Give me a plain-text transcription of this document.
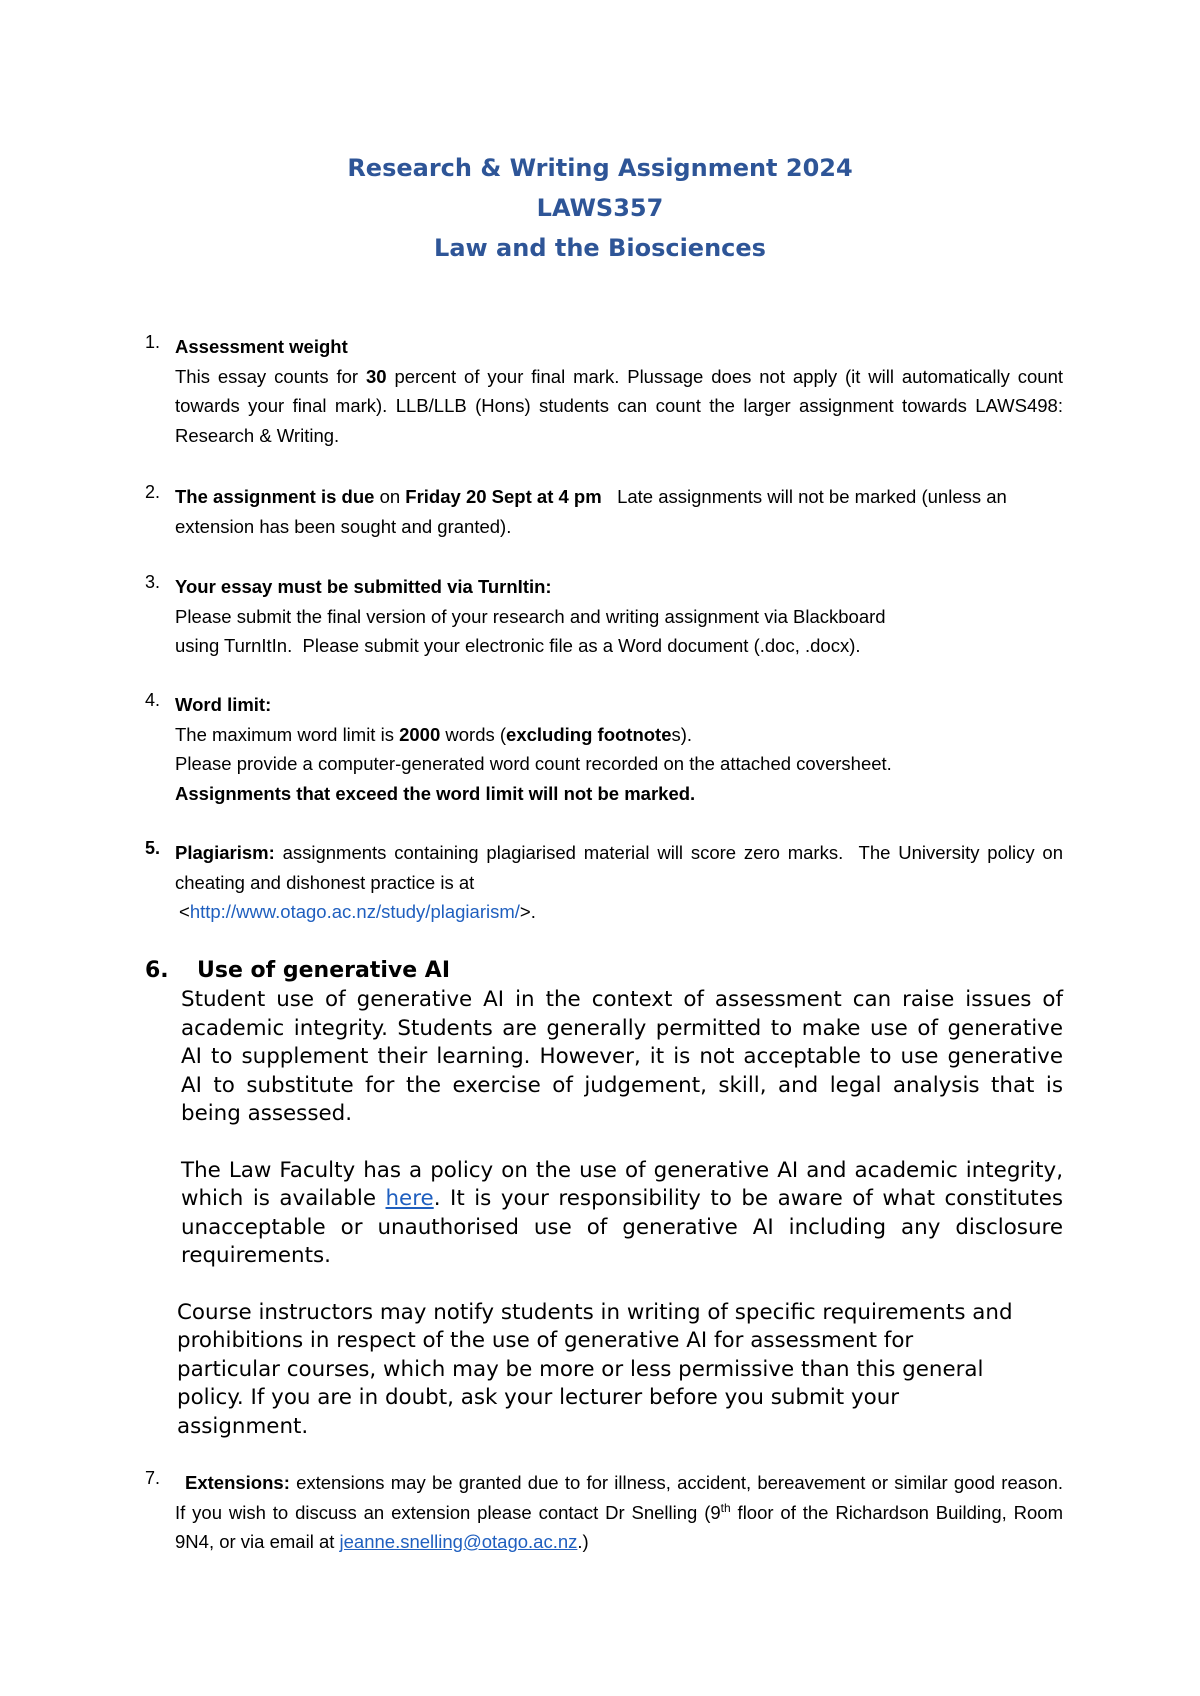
Research & Writing Assignment 2024
LAWS357
Law and the Biosciences
1. Assessment weight
This essay counts for 30 percent of your final mark. Plussage does not apply (it will automatically count towards your final mark). LLB/LLB (Hons) students can count the larger assignment towards LAWS498: Research & Writing.
2. The assignment is due on Friday 20 Sept at 4 pm   Late assignments will not be marked (unless an extension has been sought and granted).
3. Your essay must be submitted via TurnItin:
Please submit the final version of your research and writing assignment via Blackboard
using TurnItIn.  Please submit your electronic file as a Word document (.doc, .docx).
4. Word limit:
The maximum word limit is 2000 words (excluding footnotes).
Please provide a computer-generated word count recorded on the attached coversheet.
Assignments that exceed the word limit will not be marked.
5. Plagiarism: assignments containing plagiarised material will score zero marks.  The University policy on cheating and dishonest practice is at
<http://www.otago.ac.nz/study/plagiarism/>.
6. Use of generative AI
Student use of generative AI in the context of assessment can raise issues of academic integrity. Students are generally permitted to make use of generative AI to supplement their learning. However, it is not acceptable to use generative AI to substitute for the exercise of judgement, skill, and legal analysis that is being assessed.
The Law Faculty has a policy on the use of generative AI and academic integrity, which is available here. It is your responsibility to be aware of what constitutes unacceptable or unauthorised use of generative AI including any disclosure requirements.
Course instructors may notify students in writing of specific requirements and prohibitions in respect of the use of generative AI for assessment for particular courses, which may be more or less permissive than this general policy. If you are in doubt, ask your lecturer before you submit your assignment.
7.	Extensions: extensions may be granted due to for illness, accident, bereavement or similar good reason. If you wish to discuss an extension please contact Dr Snelling (9th floor of the Richardson Building, Room 9N4, or via email at jeanne.snelling@otago.ac.nz.)
